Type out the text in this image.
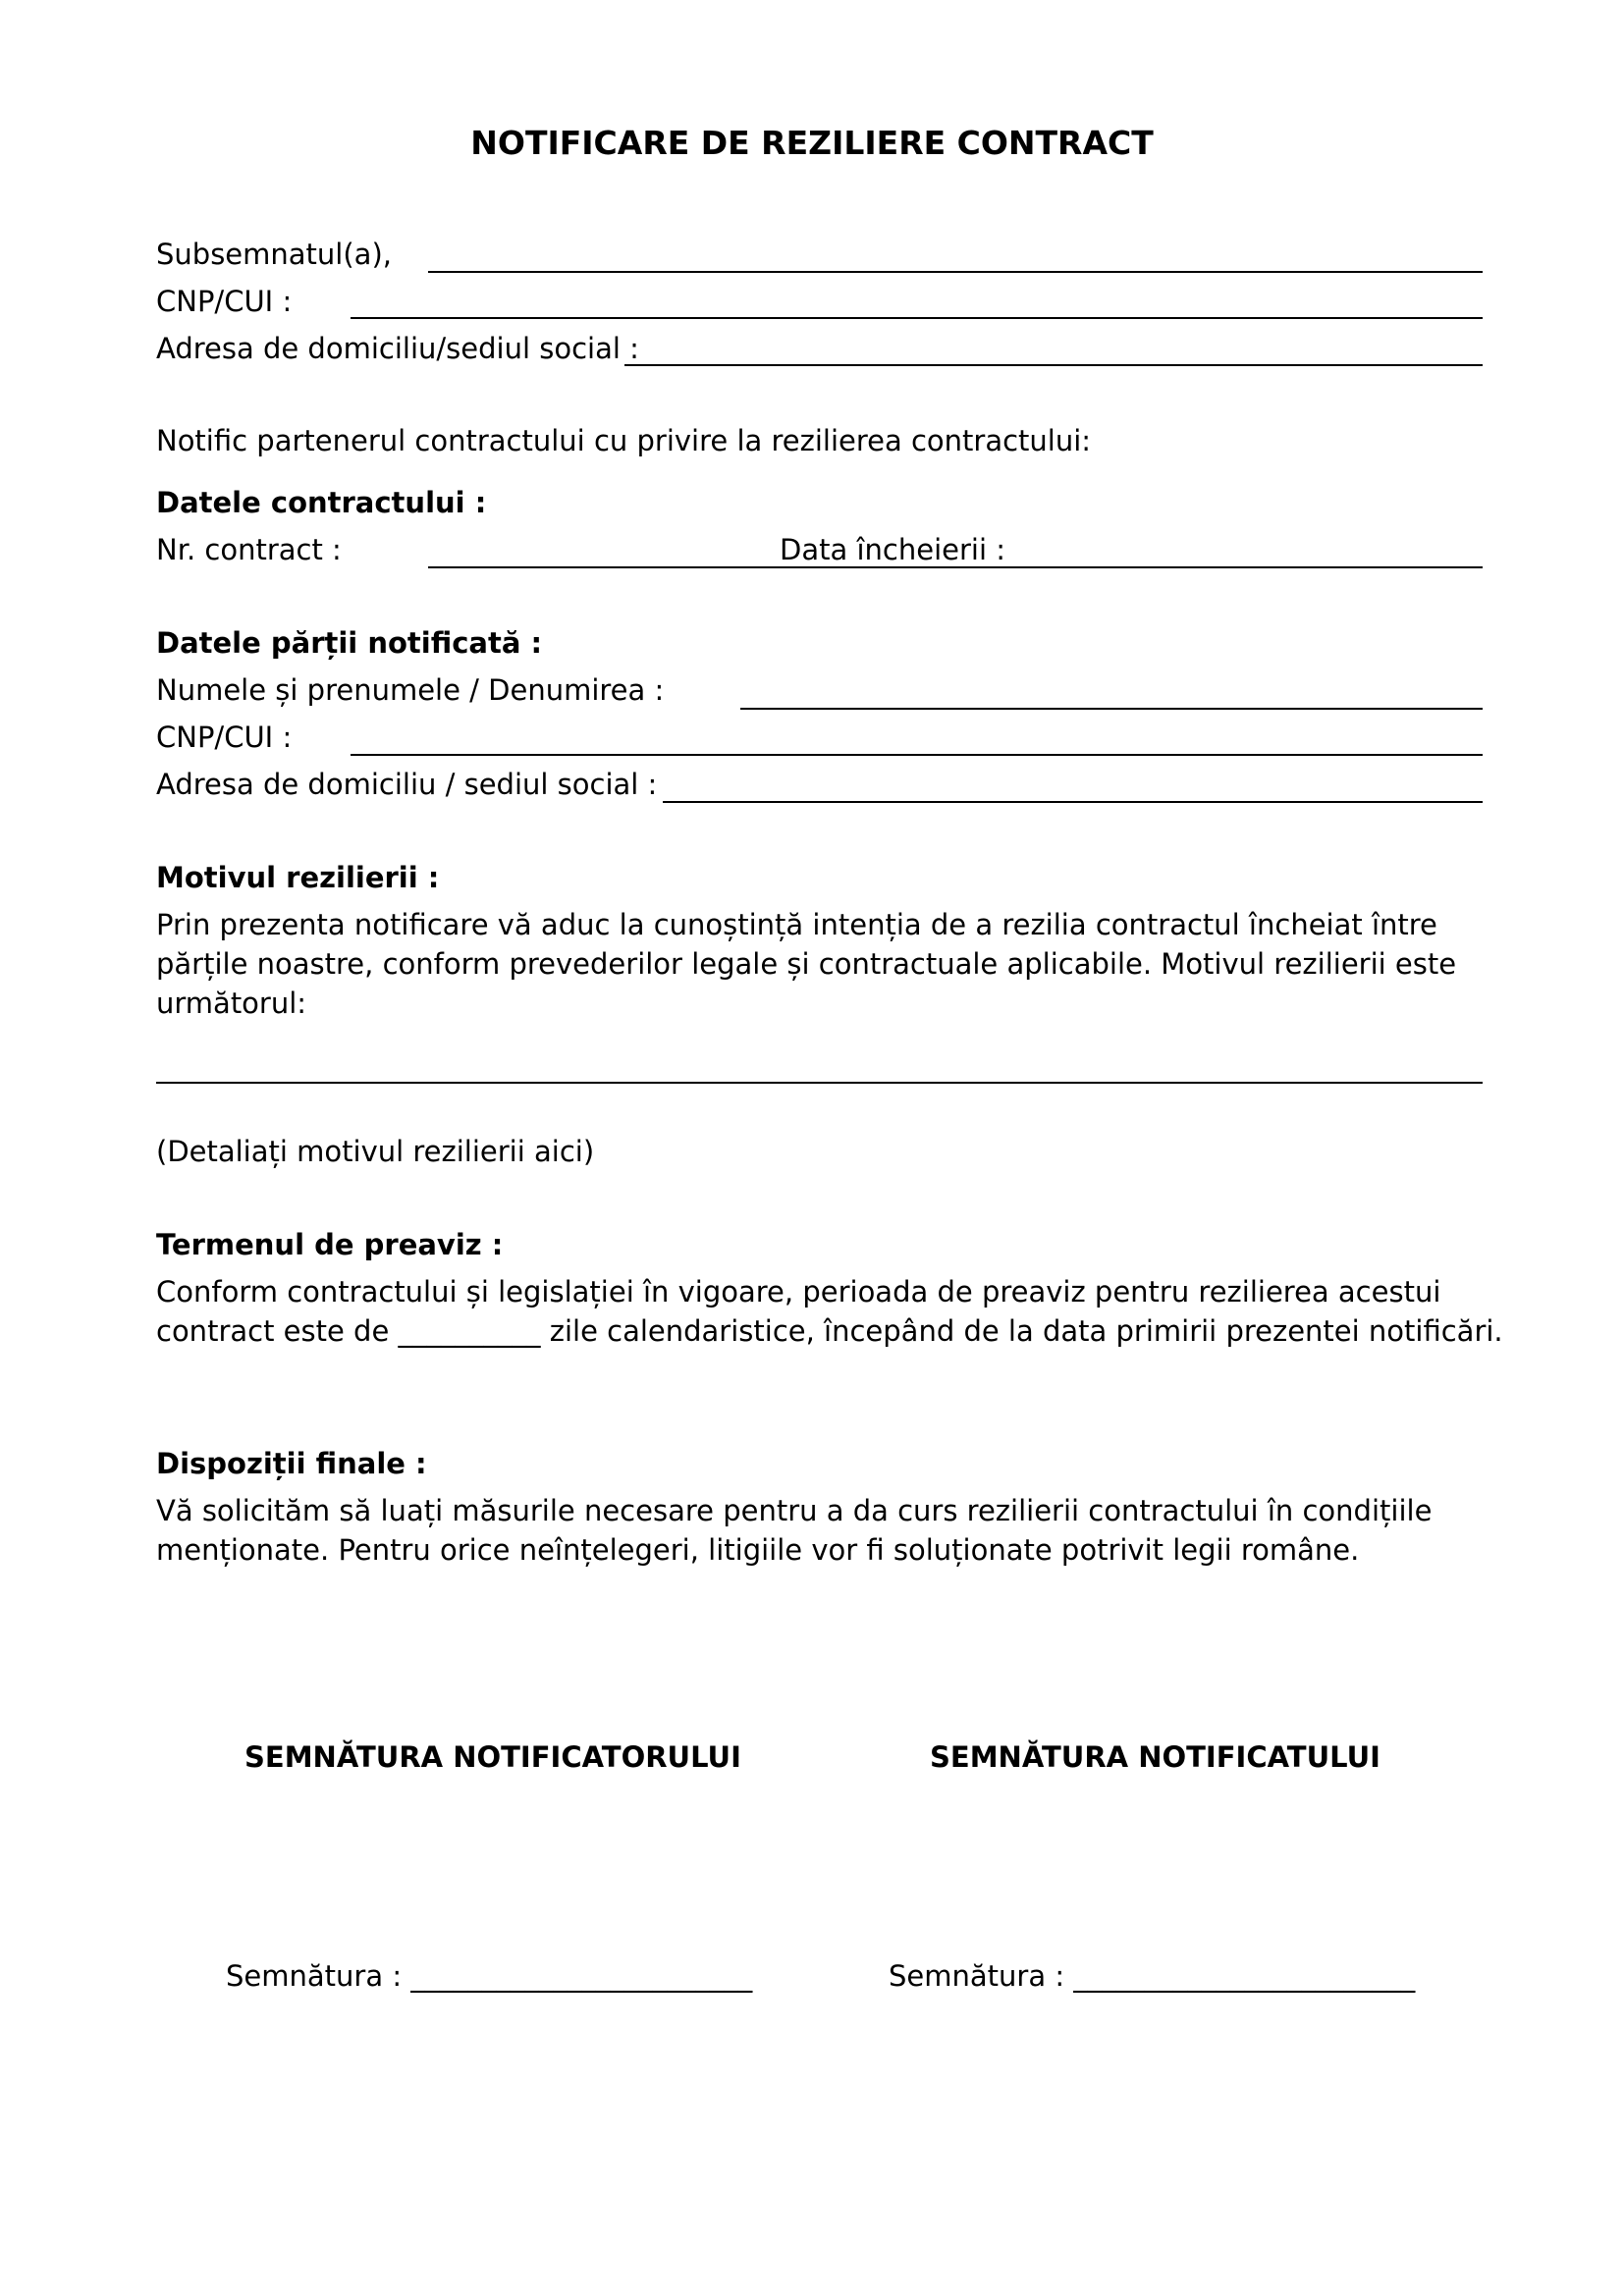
NOTIFICARE DE REZILIERE CONTRACT
Subsemnatul(a),
CNP/CUI :
Adresa de domiciliu/sediul social :
Notific partenerul contractului cu privire la rezilierea contractului:
Datele contractului :
Nr. contract :	Data încheierii :
Datele părții notificată :
Numele și prenumele / Denumirea :
CNP/CUI :
Adresa de domiciliu / sediul social :
Motivul rezilierii :
Prin prezenta notificare vă aduc la cunoștință intenția de a rezilia contractul încheiat între părțile noastre, conform prevederilor legale și contractuale aplicabile. Motivul rezilierii este următorul:
(Detaliați motivul rezilierii aici)
Termenul de preaviz :
Conform contractului și legislației în vigoare, perioada de preaviz pentru rezilierea acestui contract este de __________ zile calendaristice, începând de la data primirii prezentei notificări.
Dispoziții finale :
Vă solicităm să luați măsurile necesare pentru a da curs rezilierii contractului în condițiile menționate. Pentru orice neînțelegeri, litigiile vor fi soluționate potrivit legii române.
SEMNĂTURA NOTIFICATORULUI	SEMNĂTURA NOTIFICATULUI
Semnătura : ________________________	Semnătura : ________________________
